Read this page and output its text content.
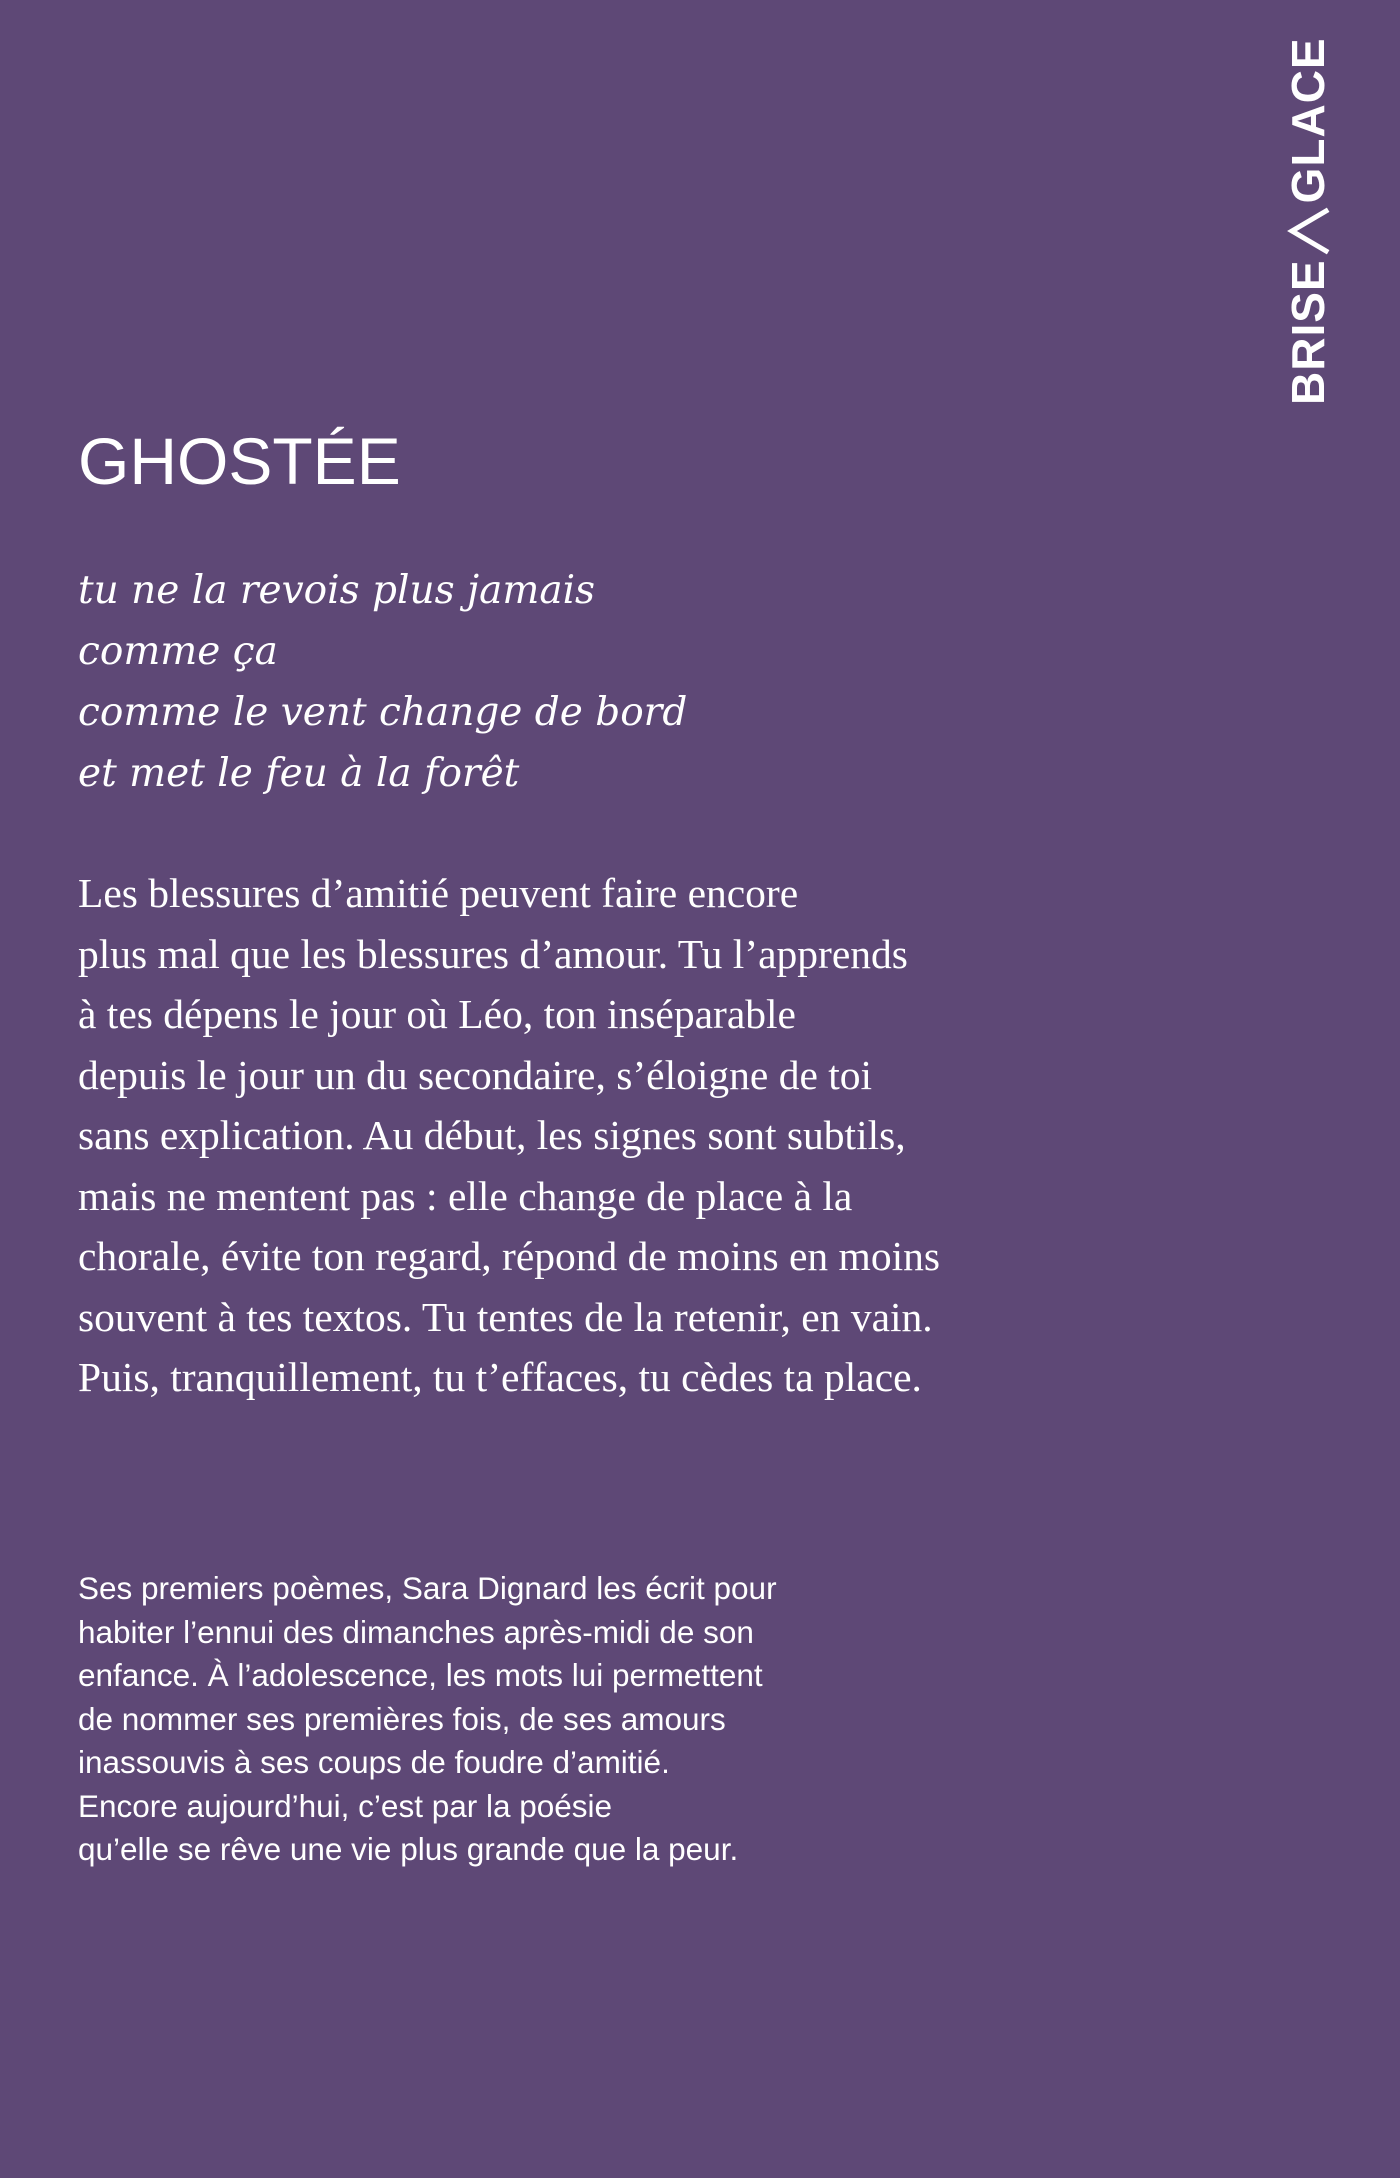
BRISE
GLACE
GHOSTÉE
tu ne la revois plus jamais
comme ça
comme le vent change de bord
et met le feu à la forêt
Les blessures d’amitié peuvent faire encore
plus mal que les blessures d’amour. Tu l’apprends
à tes dépens le jour où Léo, ton inséparable
depuis le jour un du secondaire, s’éloigne de toi
sans explication. Au début, les signes sont subtils,
mais ne mentent pas : elle change de place à la
chorale, évite ton regard, répond de moins en moins
souvent à tes textos. Tu tentes de la retenir, en vain.
Puis, tranquillement, tu t’effaces, tu cèdes ta place.
Ses premiers poèmes, Sara Dignard les écrit pour
habiter l’ennui des dimanches après-midi de son
enfance. À l’adolescence, les mots lui permettent
de nommer ses premières fois, de ses amours
inassouvis à ses coups de foudre d’amitié.
Encore aujourd’hui, c’est par la poésie
qu’elle se rêve une vie plus grande que la peur.
